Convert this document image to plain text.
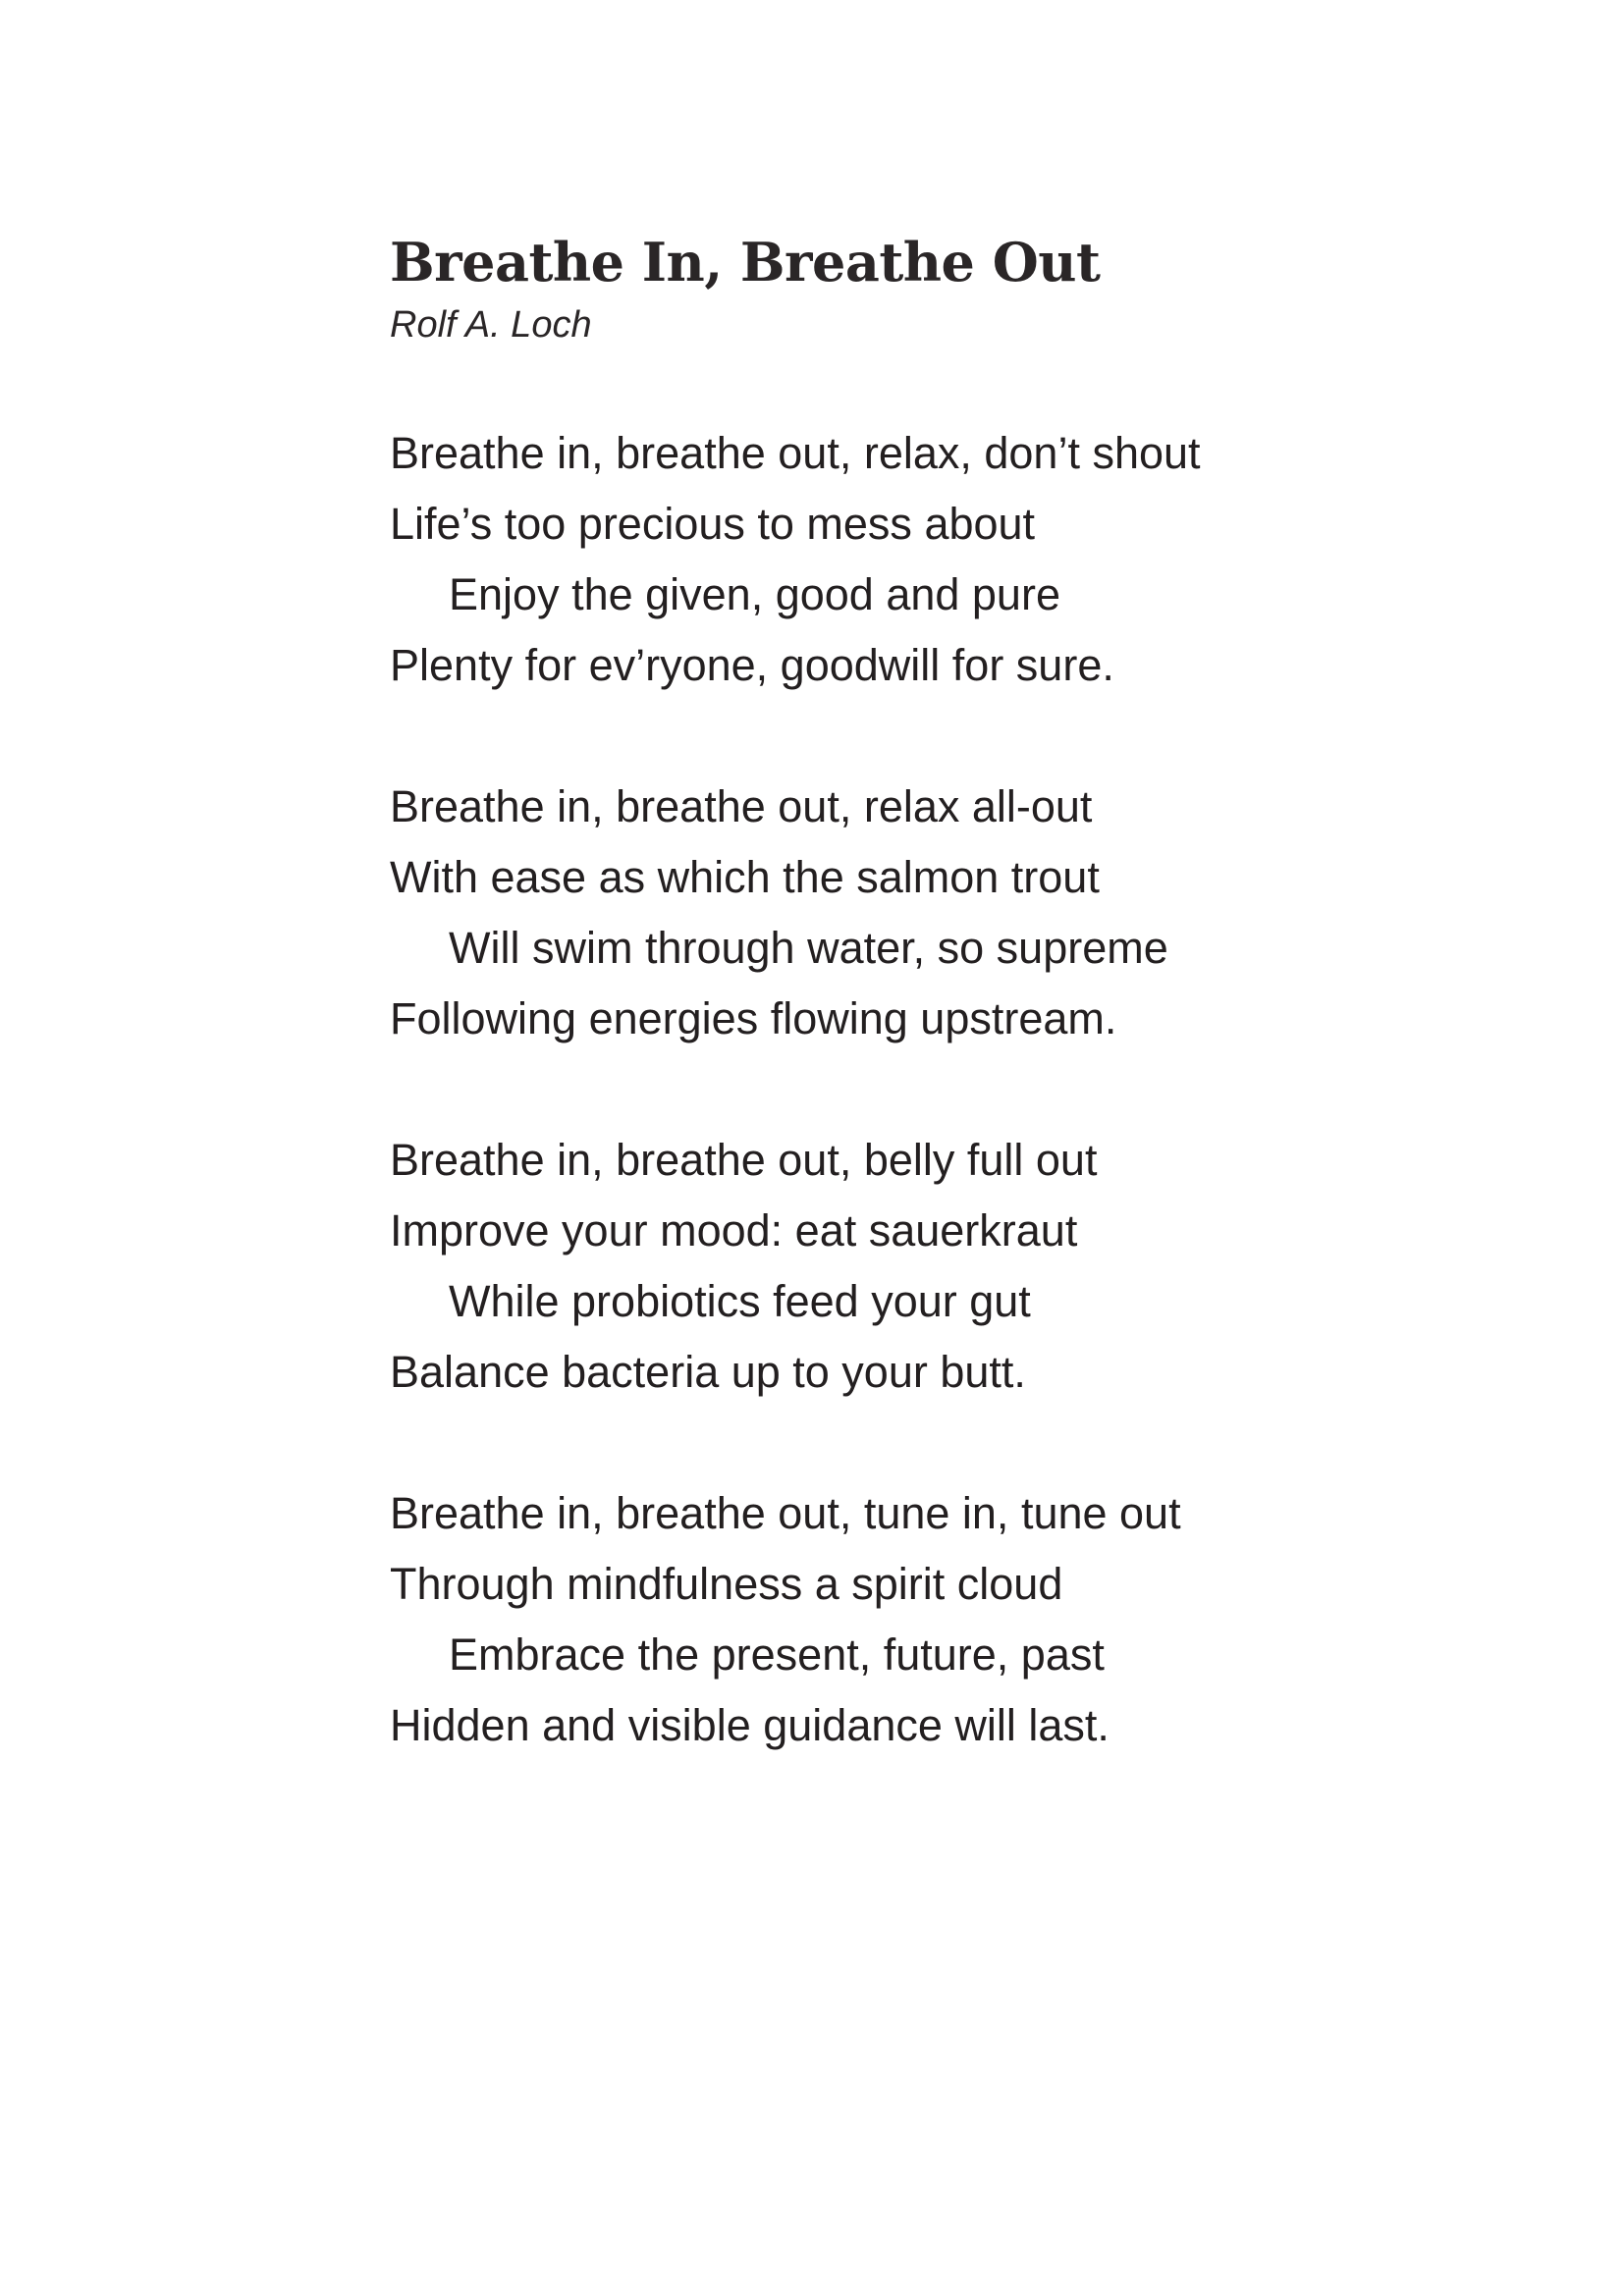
Breathe In, Breathe Out
Rolf A. Loch
Breathe in, breathe out, relax, don’t shout
Life’s too precious to mess about
Enjoy the given, good and pure
Plenty for ev’ryone, goodwill for sure.
Breathe in, breathe out, relax all-out
With ease as which the salmon trout
Will swim through water, so supreme
Following energies flowing upstream.
Breathe in, breathe out, belly full out
Improve your mood: eat sauerkraut
While probiotics feed your gut
Balance bacteria up to your butt.
Breathe in, breathe out, tune in, tune out
Through mindfulness a spirit cloud
Embrace the present, future, past
Hidden and visible guidance will last.
